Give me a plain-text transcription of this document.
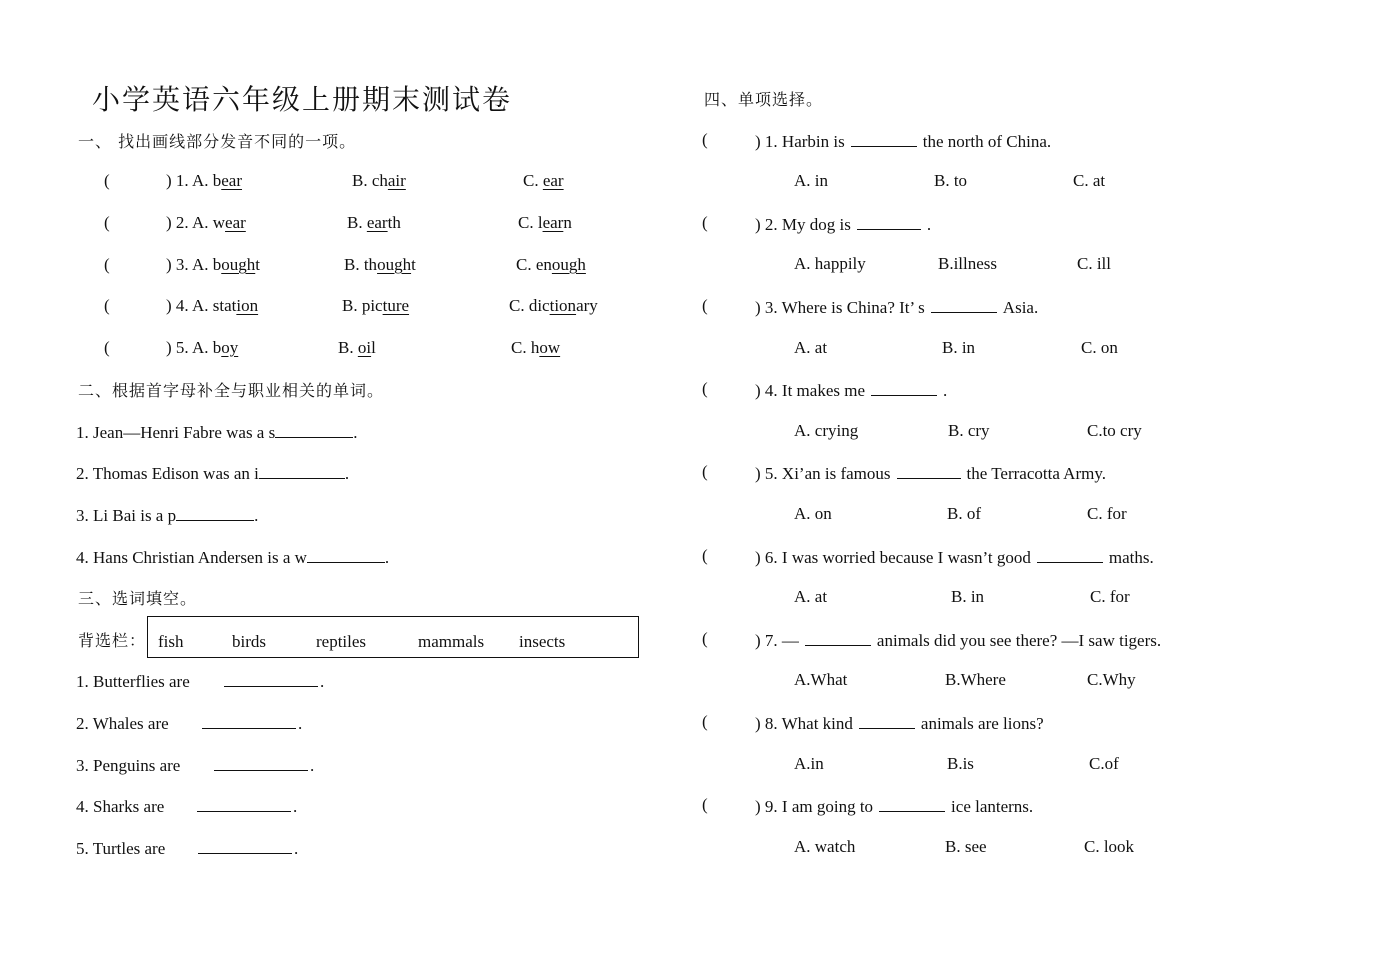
小学英语六年级上册期末测试卷
一、 找出画线部分发音不同的一项。
(	) 1. A. bear	B. chair	C. ear
(	) 2. A. wear	B. earth	C. learn
(	) 3. A. bought	B. thought	C. enough
(	) 4. A. station	B. picture	C. dictionary
(	) 5. A. boy	B. oil	C. how
二、根据首字母补全与职业相关的单词。
1. Jean—Henri Fabre was a s	.
2. Thomas Edison was an i	.
3. Li Bai is a p	.
4. Hans Christian Andersen is a w	.
三、选词填空。
背选栏： fish	birds	reptiles	mammals insects
1. Butterflies are	.
2. Whales are	.
3. Penguins are	.
4. Sharks are	.
5. Turtles are	.
四、单项选择。
(	) 1. Harbin is	the north of China.
A. in	B. to	C. at
(	) 2. My dog is	.
A. happily	B.illness	C. ill
(	) 3. Where is China? It’ s	Asia.
A. at	B. in	C. on
(	) 4. It makes me	.
A. crying	B. cry	C.to cry
(	) 5. Xi’an is famous	the Terracotta Army.
A. on	B. of	C. for
(	) 6. I was worried because I wasn’t good	maths.
A. at	B. in	C. for
(	) 7. —	animals did you see there? —I saw tigers.
A.What	B.Where	C.Why
(	) 8. What kind	animals are lions?
A.in	B.is	C.of
(	) 9. I am going to	ice lanterns.
A. watch	B. see	C. look
